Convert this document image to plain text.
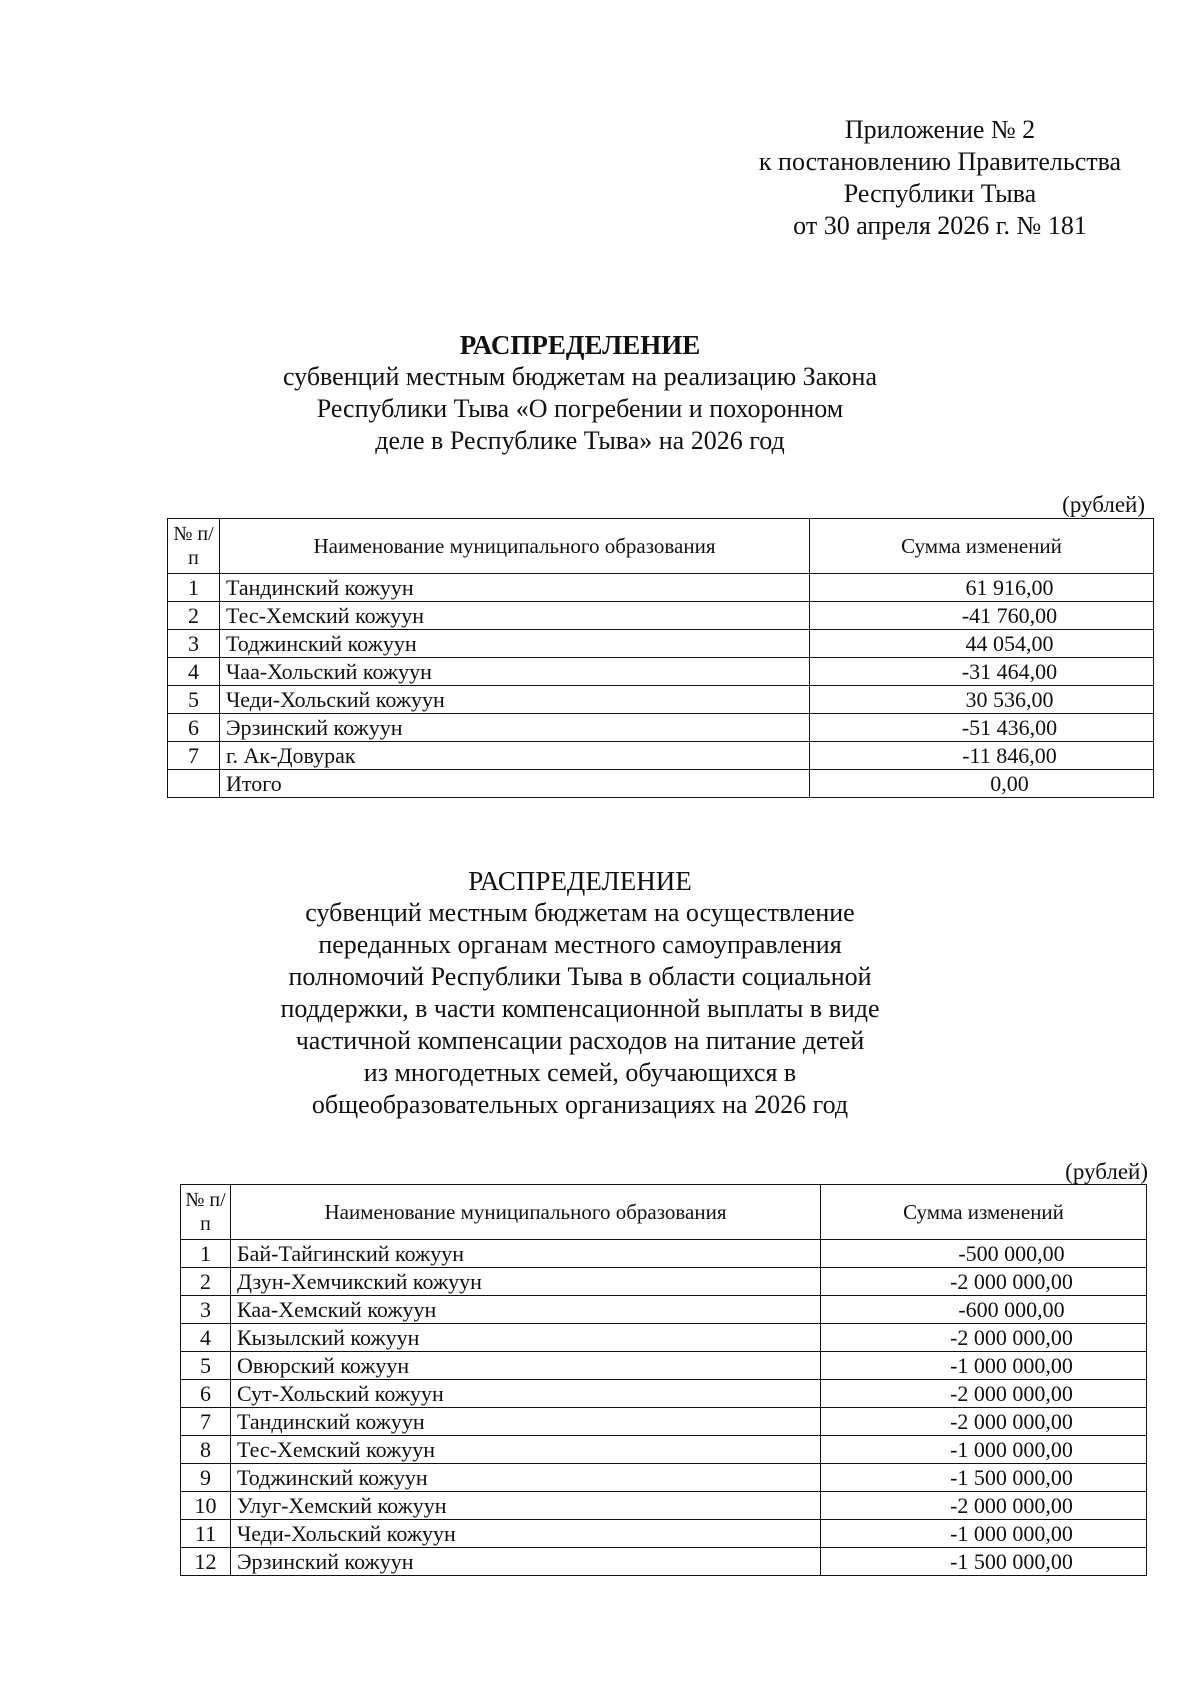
Приложение № 2
к постановлению Правительства
Республики Тыва
от 30 апреля 2026 г. № 181
РАСПРЕДЕЛЕНИЕ
субвенций местным бюджетам на реализацию Закона
Республики Тыва «О погребении и похоронном
деле в Республике Тыва» на 2026 год
(рублей)
№ п/п	Наименование муниципального образования	Сумма изменений
1	Тандинский кожуун	61 916,00
2	Тес-Хемский кожуун	-41 760,00
3	Тоджинский кожуун	44 054,00
4	Чаа-Хольский кожуун	-31 464,00
5	Чеди-Хольский кожуун	30 536,00
6	Эрзинский кожуун	-51 436,00
7	г. Ак-Довурак	-11 846,00
	Итого	0,00
РАСПРЕДЕЛЕНИЕ
субвенций местным бюджетам на осуществление
переданных органам местного самоуправления
полномочий Республики Тыва в области социальной
поддержки, в части компенсационной выплаты в виде
частичной компенсации расходов на питание детей
из многодетных семей, обучающихся в
общеобразовательных организациях на 2026 год
(рублей)
№ п/п	Наименование муниципального образования	Сумма изменений
1	Бай-Тайгинский кожуун	-500 000,00
2	Дзун-Хемчикский кожуун	-2 000 000,00
3	Каа-Хемский кожуун	-600 000,00
4	Кызылский кожуун	-2 000 000,00
5	Овюрский кожуун	-1 000 000,00
6	Сут-Хольский кожуун	-2 000 000,00
7	Тандинский кожуун	-2 000 000,00
8	Тес-Хемский кожуун	-1 000 000,00
9	Тоджинский кожуун	-1 500 000,00
10	Улуг-Хемский кожуун	-2 000 000,00
11	Чеди-Хольский кожуун	-1 000 000,00
12	Эрзинский кожуун	-1 500 000,00
